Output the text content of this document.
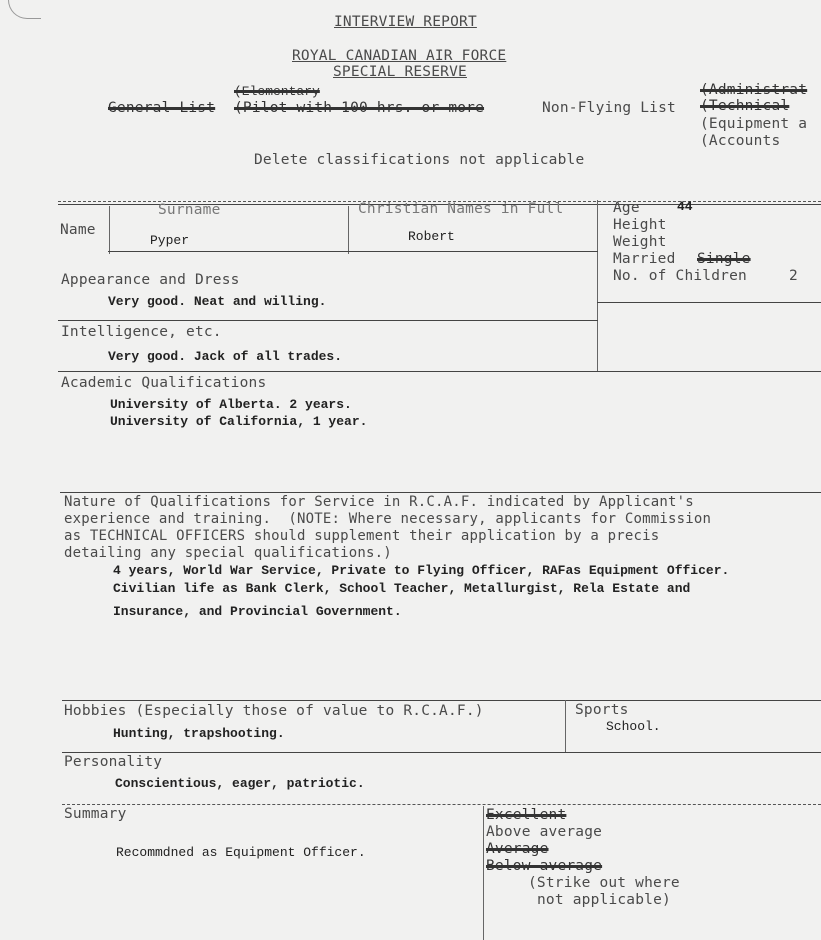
INTERVIEW REPORT
ROYAL CANADIAN AIR FORCE
SPECIAL RESERVE
(Elementary
General List (Pilot with 100 hrs. or more	Non-Flying List
(Administrat
(Technical
(Equipment a
(Accounts
Delete classifications not applicable
Surname	Christian Names in Full
Name
Pyper	Robert
Age	44
Height
Weight
Married Single
No. of Children	2
Appearance and Dress
Very good. Neat and willing.
Intelligence, etc.
Very good. Jack of all trades.
Academic Qualifications
University of Alberta. 2 years.
University of California, 1 year.
Nature of Qualifications for Service in R.C.A.F. indicated by Applicant's
experience and training.  (NOTE: Where necessary, applicants for Commission
as TECHNICAL OFFICERS should supplement their application by a precis
detailing any special qualifications.)
4 years, World War Service, Private to Flying Officer, RAFas Equipment Officer.
Civilian life as Bank Clerk, School Teacher, Metallurgist, Rela Estate and
Insurance, and Provincial Government.
Hobbies (Especially those of value to R.C.A.F.)
Hunting, trapshooting.
Sports
School.
Personality
Conscientious, eager, patriotic.
Summary
Recommdned as Equipment Officer.
Excellent
Above average
Average
Below average
(Strike out where
not applicable)
